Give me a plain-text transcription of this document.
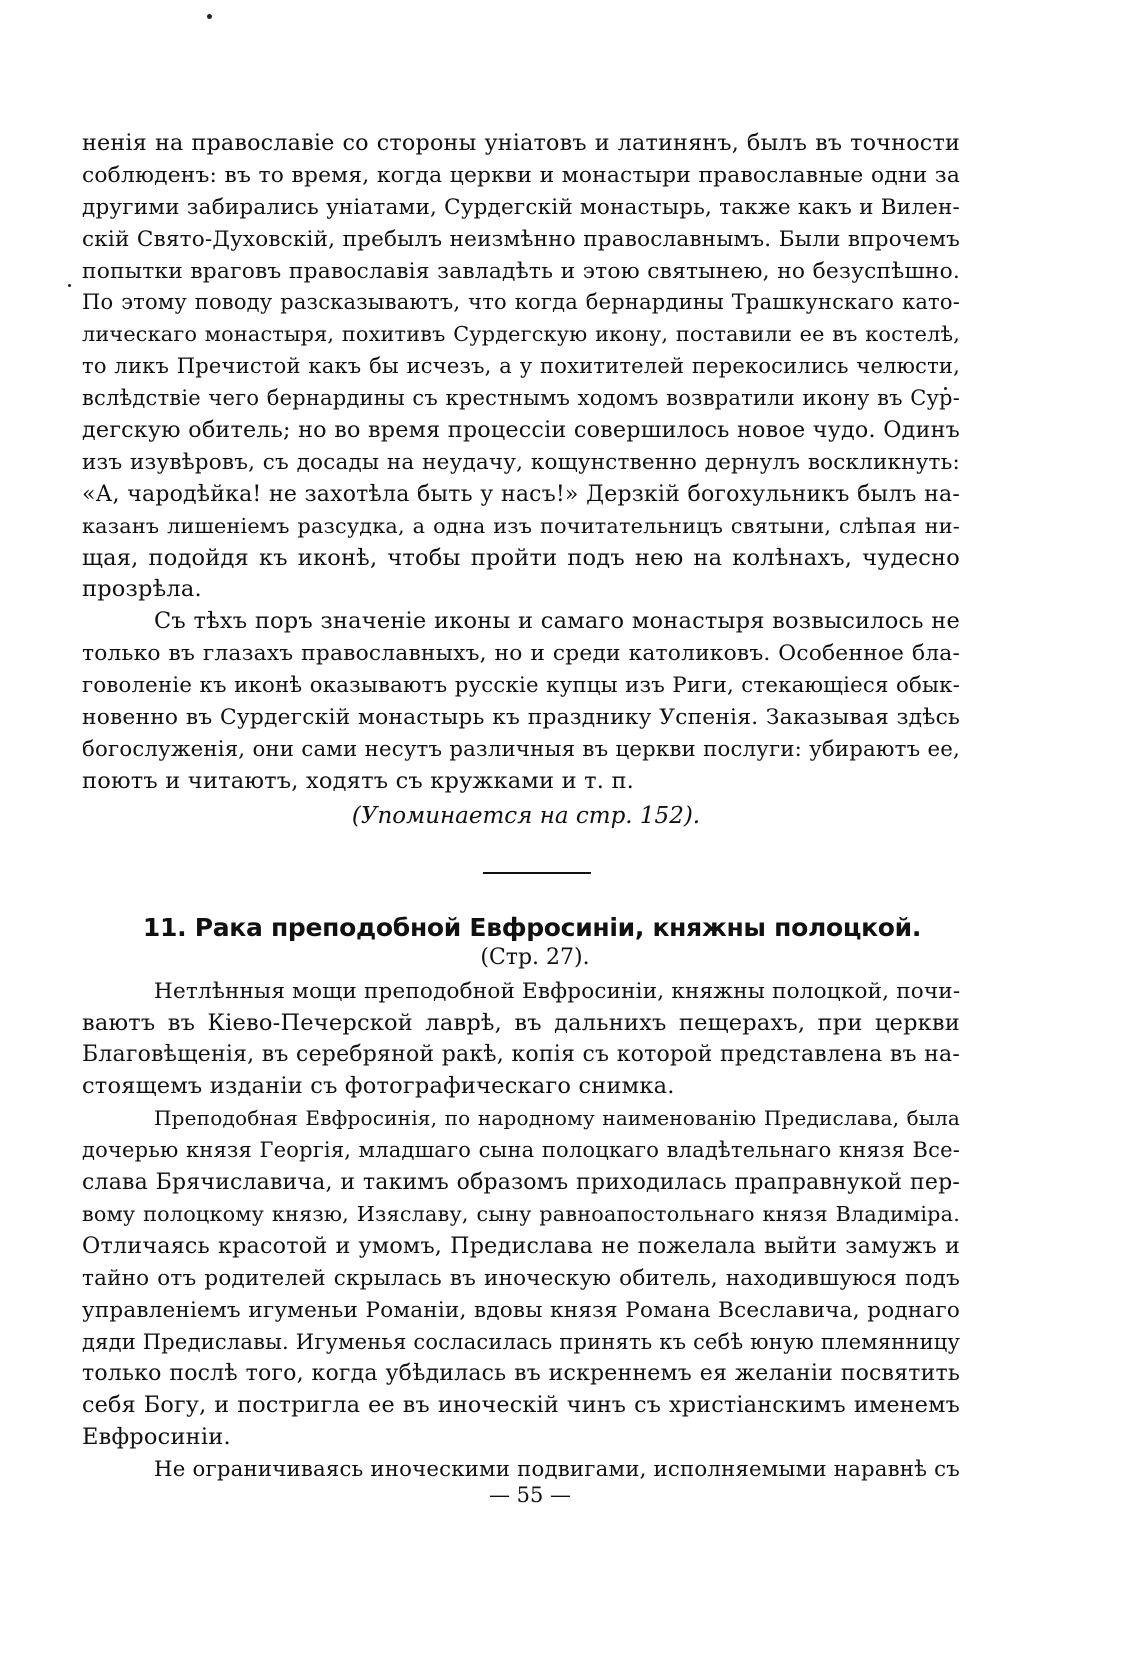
ненія на православіе со стороны уніатовъ и латинянъ, былъ въ точности
соблюденъ: въ то время, когда церкви и монастыри православные одни за
другими забирались уніатами, Сурдегскій монастырь, также какъ и Вилен-
скій Свято-Духовскій, пребылъ неизмѣнно православнымъ. Были впрочемъ
попытки враговъ православія завладѣть и этою святынею, но безуспѣшно.
По этому поводу разсказываютъ, что когда бернардины Трашкунскаго като-
лическаго монастыря, похитивъ Сурдегскую икону, поставили ее въ костелѣ,
то ликъ Пречистой какъ бы исчезъ, а у похитителей перекосились челюсти,
вслѣдствіе чего бернардины съ крестнымъ ходомъ возвратили икону въ Сур-
дегскую обитель; но во время процессіи совершилось новое чудо. Одинъ
изъ изувѣровъ, съ досады на неудачу, кощунственно дернулъ воскликнуть:
«А, чародѣйка! не захотѣла быть у насъ!» Дерзкій богохульникъ былъ на-
казанъ лишеніемъ разсудка, а одна изъ почитательницъ святыни, слѣпая ни-
щая, подойдя къ иконѣ, чтобы пройти подъ нею на колѣнахъ, чудесно
прозрѣла.
Съ тѣхъ поръ значеніе иконы и самаго монастыря возвысилось не
только въ глазахъ православныхъ, но и среди католиковъ. Особенное бла-
говоленіе къ иконѣ оказываютъ русскіе купцы изъ Риги, стекающіеся обык-
новенно въ Сурдегскій монастырь къ празднику Успенія. Заказывая здѣсь
богослуженія, они сами несутъ различныя въ церкви послуги: убираютъ ее,
поютъ и читаютъ, ходятъ съ кружками и т. п.
(Упоминается на стр. 152).
11. Рака преподобной Евфросиніи, княжны полоцкой.
(Стр. 27).
Нетлѣнныя мощи преподобной Евфросиніи, княжны полоцкой, почи-
ваютъ въ Кіево-Печерской лаврѣ, въ дальнихъ пещерахъ, при церкви
Благовѣщенія, въ серебряной ракѣ, копія съ которой представлена въ на-
стоящемъ изданіи съ фотографическаго снимка.
Преподобная Евфросинія, по народному наименованію Предислава, была
дочерью князя Георгія, младшаго сына полоцкаго владѣтельнаго князя Все-
слава Брячиславича, и такимъ образомъ приходилась праправнукой пер-
вому полоцкому князю, Изяславу, сыну равноапостольнаго князя Владиміра.
Отличаясь красотой и умомъ, Предислава не пожелала выйти замужъ и
тайно отъ родителей скрылась въ иноческую обитель, находившуюся подъ
управленіемъ игуменьи Романіи, вдовы князя Романа Всеславича, роднаго
дяди Предиславы. Игуменья сосласилась принять къ себѣ юную племянницу
только послѣ того, когда убѣдилась въ искреннемъ ея желаніи посвятить
себя Богу, и постригла ее въ иноческій чинъ съ христіанскимъ именемъ
Евфросиніи.
Не ограничиваясь иноческими подвигами, исполняемыми наравнѣ съ
— 55 —
